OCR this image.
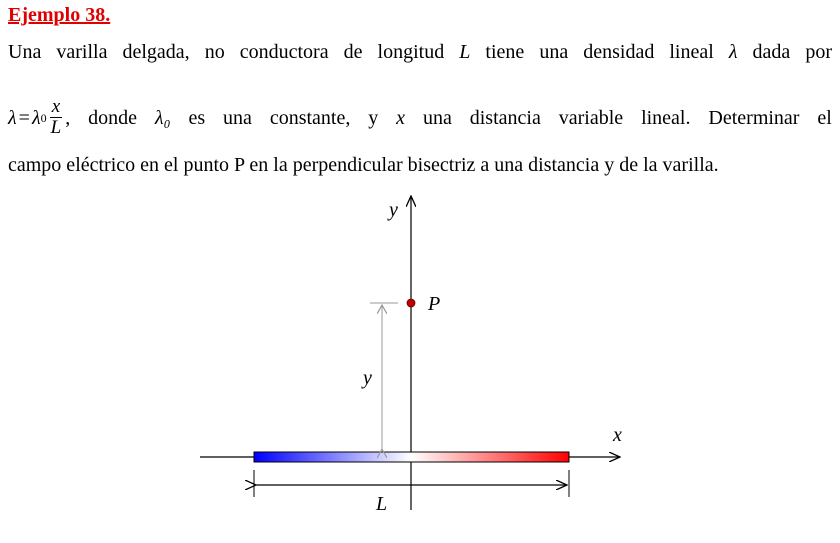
Ejemplo 38.
Una varilla delgada, no conductora de longitud L tiene una densidad lineal λ dada por
λ = λ $0 \frac{x}{L}$ , donde λ₀ es una constante, y x una distancia variable lineal. Determinar el
campo eléctrico en el punto P en la perpendicular bisectriz a una distancia y de la varilla.
y
x
P
y
L
